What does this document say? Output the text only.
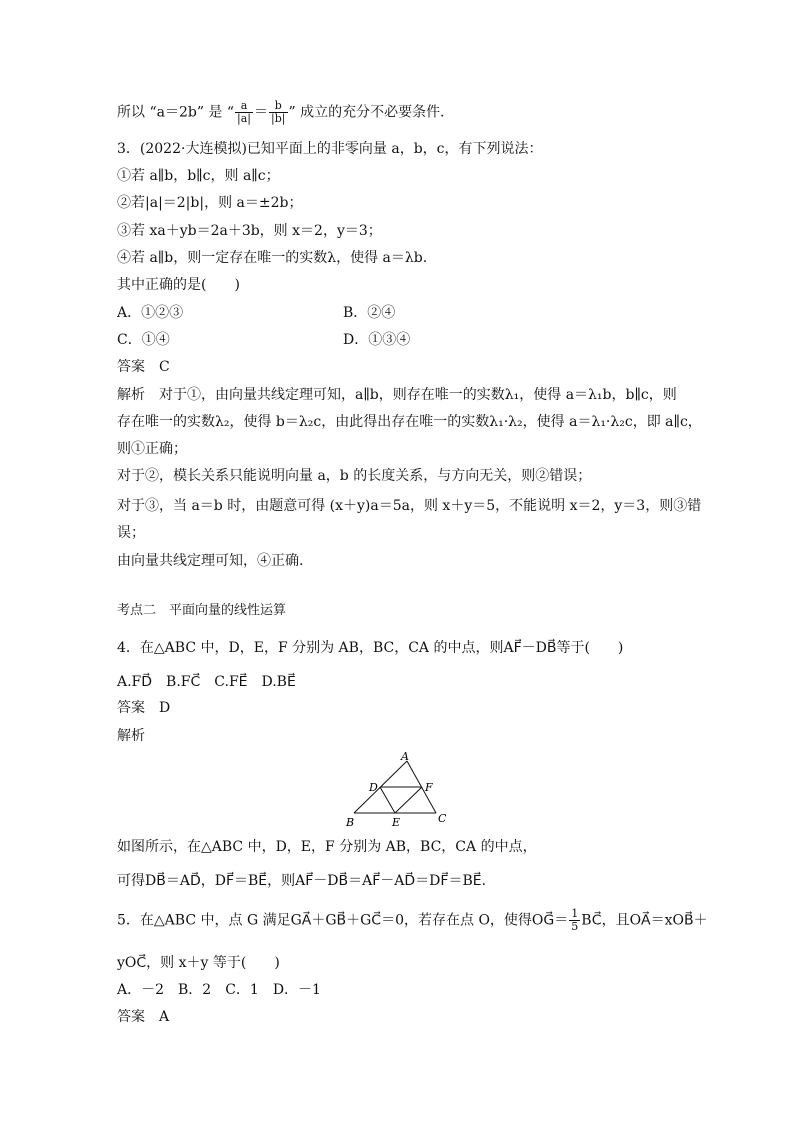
所以 “a＝2b” 是 “ $\frac{a}{|a|} = \frac{b}{|b|}$ ” 成立的充分不必要条件．
3．(2022·大连模拟)已知平面上的非零向量 a，b，c，有下列说法：
①若 a∥b，b∥c，则 a∥c；
②若|a|＝2|b|，则 a＝±2b；
③若 xa＋yb＝2a＋3b，则 x＝2，y＝3；
④若 a∥b，则一定存在唯一的实数λ，使得 a＝λb.
其中正确的是(　　)
A．①②③	B．②④
C．①④	D．①③④
答案　C
解析　对于①，由向量共线定理可知，a∥b，则存在唯一的实数λ₁，使得 a＝λ₁b，b∥c，则
存在唯一的实数λ₂，使得 b＝λ₂c，由此得出存在唯一的实数λ₁·λ₂，使得 a＝λ₁·λ₂c，即 a∥c，
则①正确；
对于②，模长关系只能说明向量 a，b 的长度关系，与方向无关，则②错误；
对于③，当 a＝b 时，由题意可得 (x＋y)a＝5a，则 x＋y＝5，不能说明 x＝2，y＝3，则③错
误；
由向量共线定理可知，④正确.
考点二　平面向量的线性运算
4．在△ABC 中，D，E，F 分别为 AB，BC，CA 的中点，则AF⃗－DB⃗等于(　　)
A.FD⃗　B.FC⃗　C.FE⃗　D.BE⃗
答案　D
解析
A
B	C
D
E
F
如图所示，在△ABC 中，D，E，F 分别为 AB，BC，CA 的中点，
可得DB⃗＝AD⃗，DF⃗＝BE⃗，则AF⃗－DB⃗＝AF⃗－AD⃗＝DF⃗＝BE⃗.
5．在△ABC 中，点 G 满足GA⃗＋GB⃗＋GC⃗＝0，若存在点 O，使得OG⃗＝ $\frac{1}{5}$ BC⃗，且OA⃗＝xOB⃗＋
yOC⃗，则 x＋y 等于(　　)
A．－2　B．2　C．1　D．－1
答案　A
